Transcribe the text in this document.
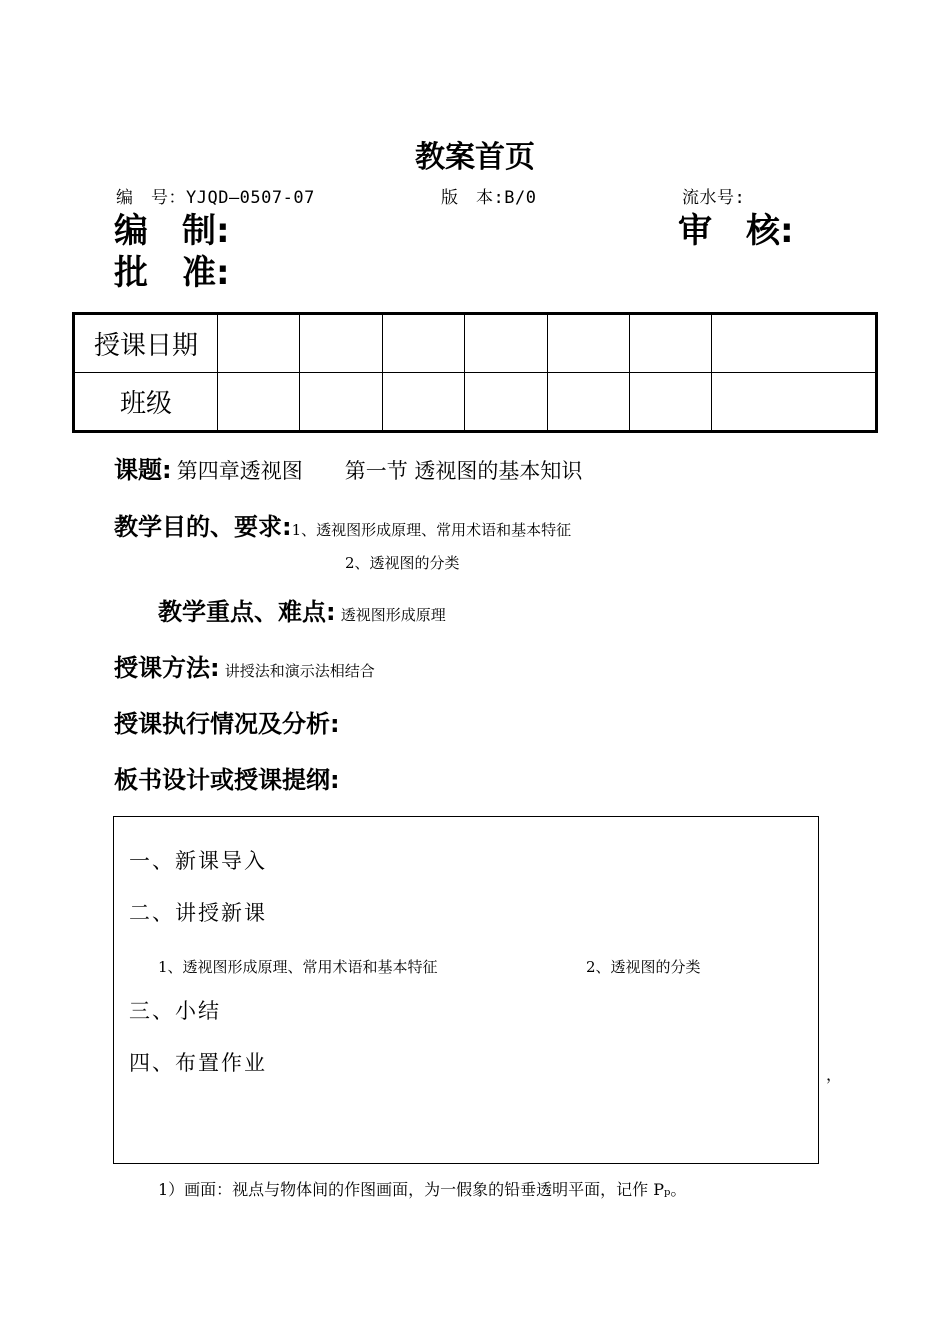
教案首页
编　号：YJQD—0507-07	版　本:B/0	流水号:
编　制:	审　核:
批　准:
授课日期							
班级							
课题: 第四章透视图　　第一节 透视图的基本知识
教学目的、要求:1、透视图形成原理、常用术语和基本特征
2、透视图的分类
教学重点、难点: 透视图形成原理
授课方法: 讲授法和演示法相结合
授课执行情况及分析:
板书设计或授课提纲:
，
1）画面：视点与物体间的作图画面，为一假象的铅垂透明平面，记作 Pₚ。
一、新课导入
二、讲授新课
1、透视图形成原理、常用术语和基本特征	2、透视图的分类
三、小结
四、布置作业
